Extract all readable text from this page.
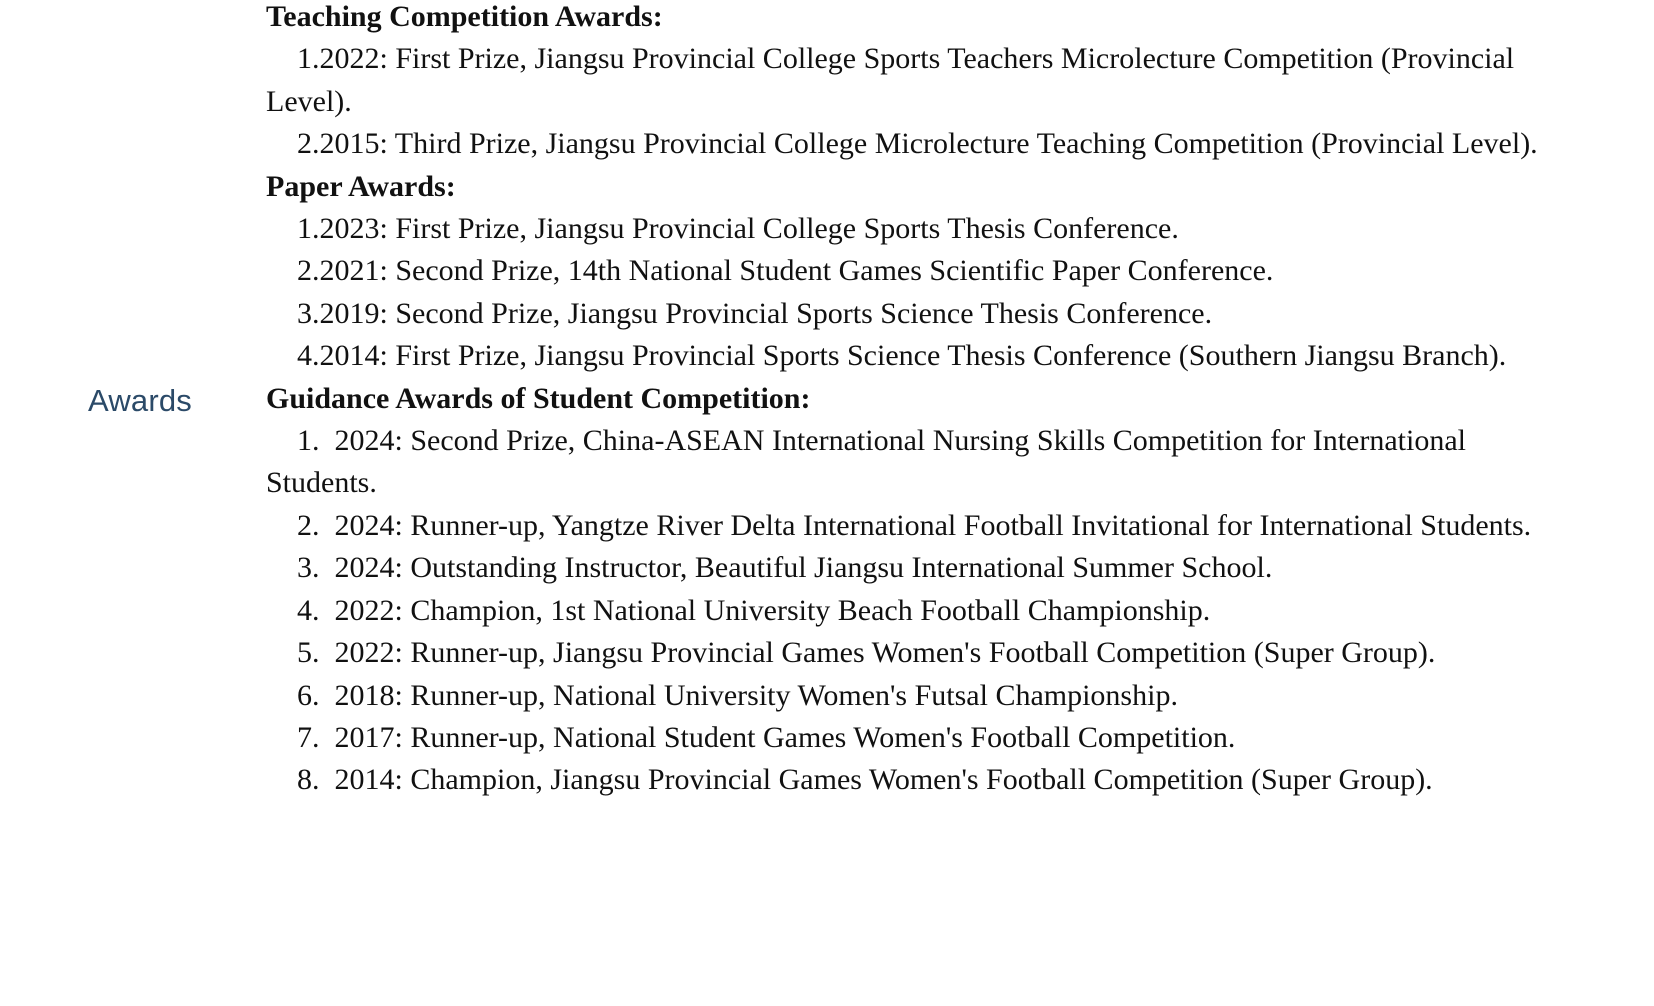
Awards

Teaching Competition Awards:

1.2022: First Prize, Jiangsu Provincial College Sports Teachers Microlecture Competition (Provincial Level).

2.2015: Third Prize, Jiangsu Provincial College Microlecture Teaching Competition (Provincial Level).

Paper Awards:

1.2023: First Prize, Jiangsu Provincial College Sports Thesis Conference.

2.2021: Second Prize, 14th National Student Games Scientific Paper Conference.

3.2019: Second Prize, Jiangsu Provincial Sports Science Thesis Conference.

4.2014: First Prize, Jiangsu Provincial Sports Science Thesis Conference (Southern Jiangsu Branch).

Guidance Awards of Student Competition:

1.  2024: Second Prize, China-ASEAN International Nursing Skills Competition for International Students.

2.  2024: Runner-up, Yangtze River Delta International Football Invitational for International Students.

3.  2024: Outstanding Instructor, Beautiful Jiangsu International Summer School.

4.  2022: Champion, 1st National University Beach Football Championship.

5.  2022: Runner-up, Jiangsu Provincial Games Women's Football Competition (Super Group).

6.  2018: Runner-up, National University Women's Futsal Championship.

7.  2017: Runner-up, National Student Games Women's Football Competition.

8.  2014: Champion, Jiangsu Provincial Games Women's Football Competition (Super Group).
